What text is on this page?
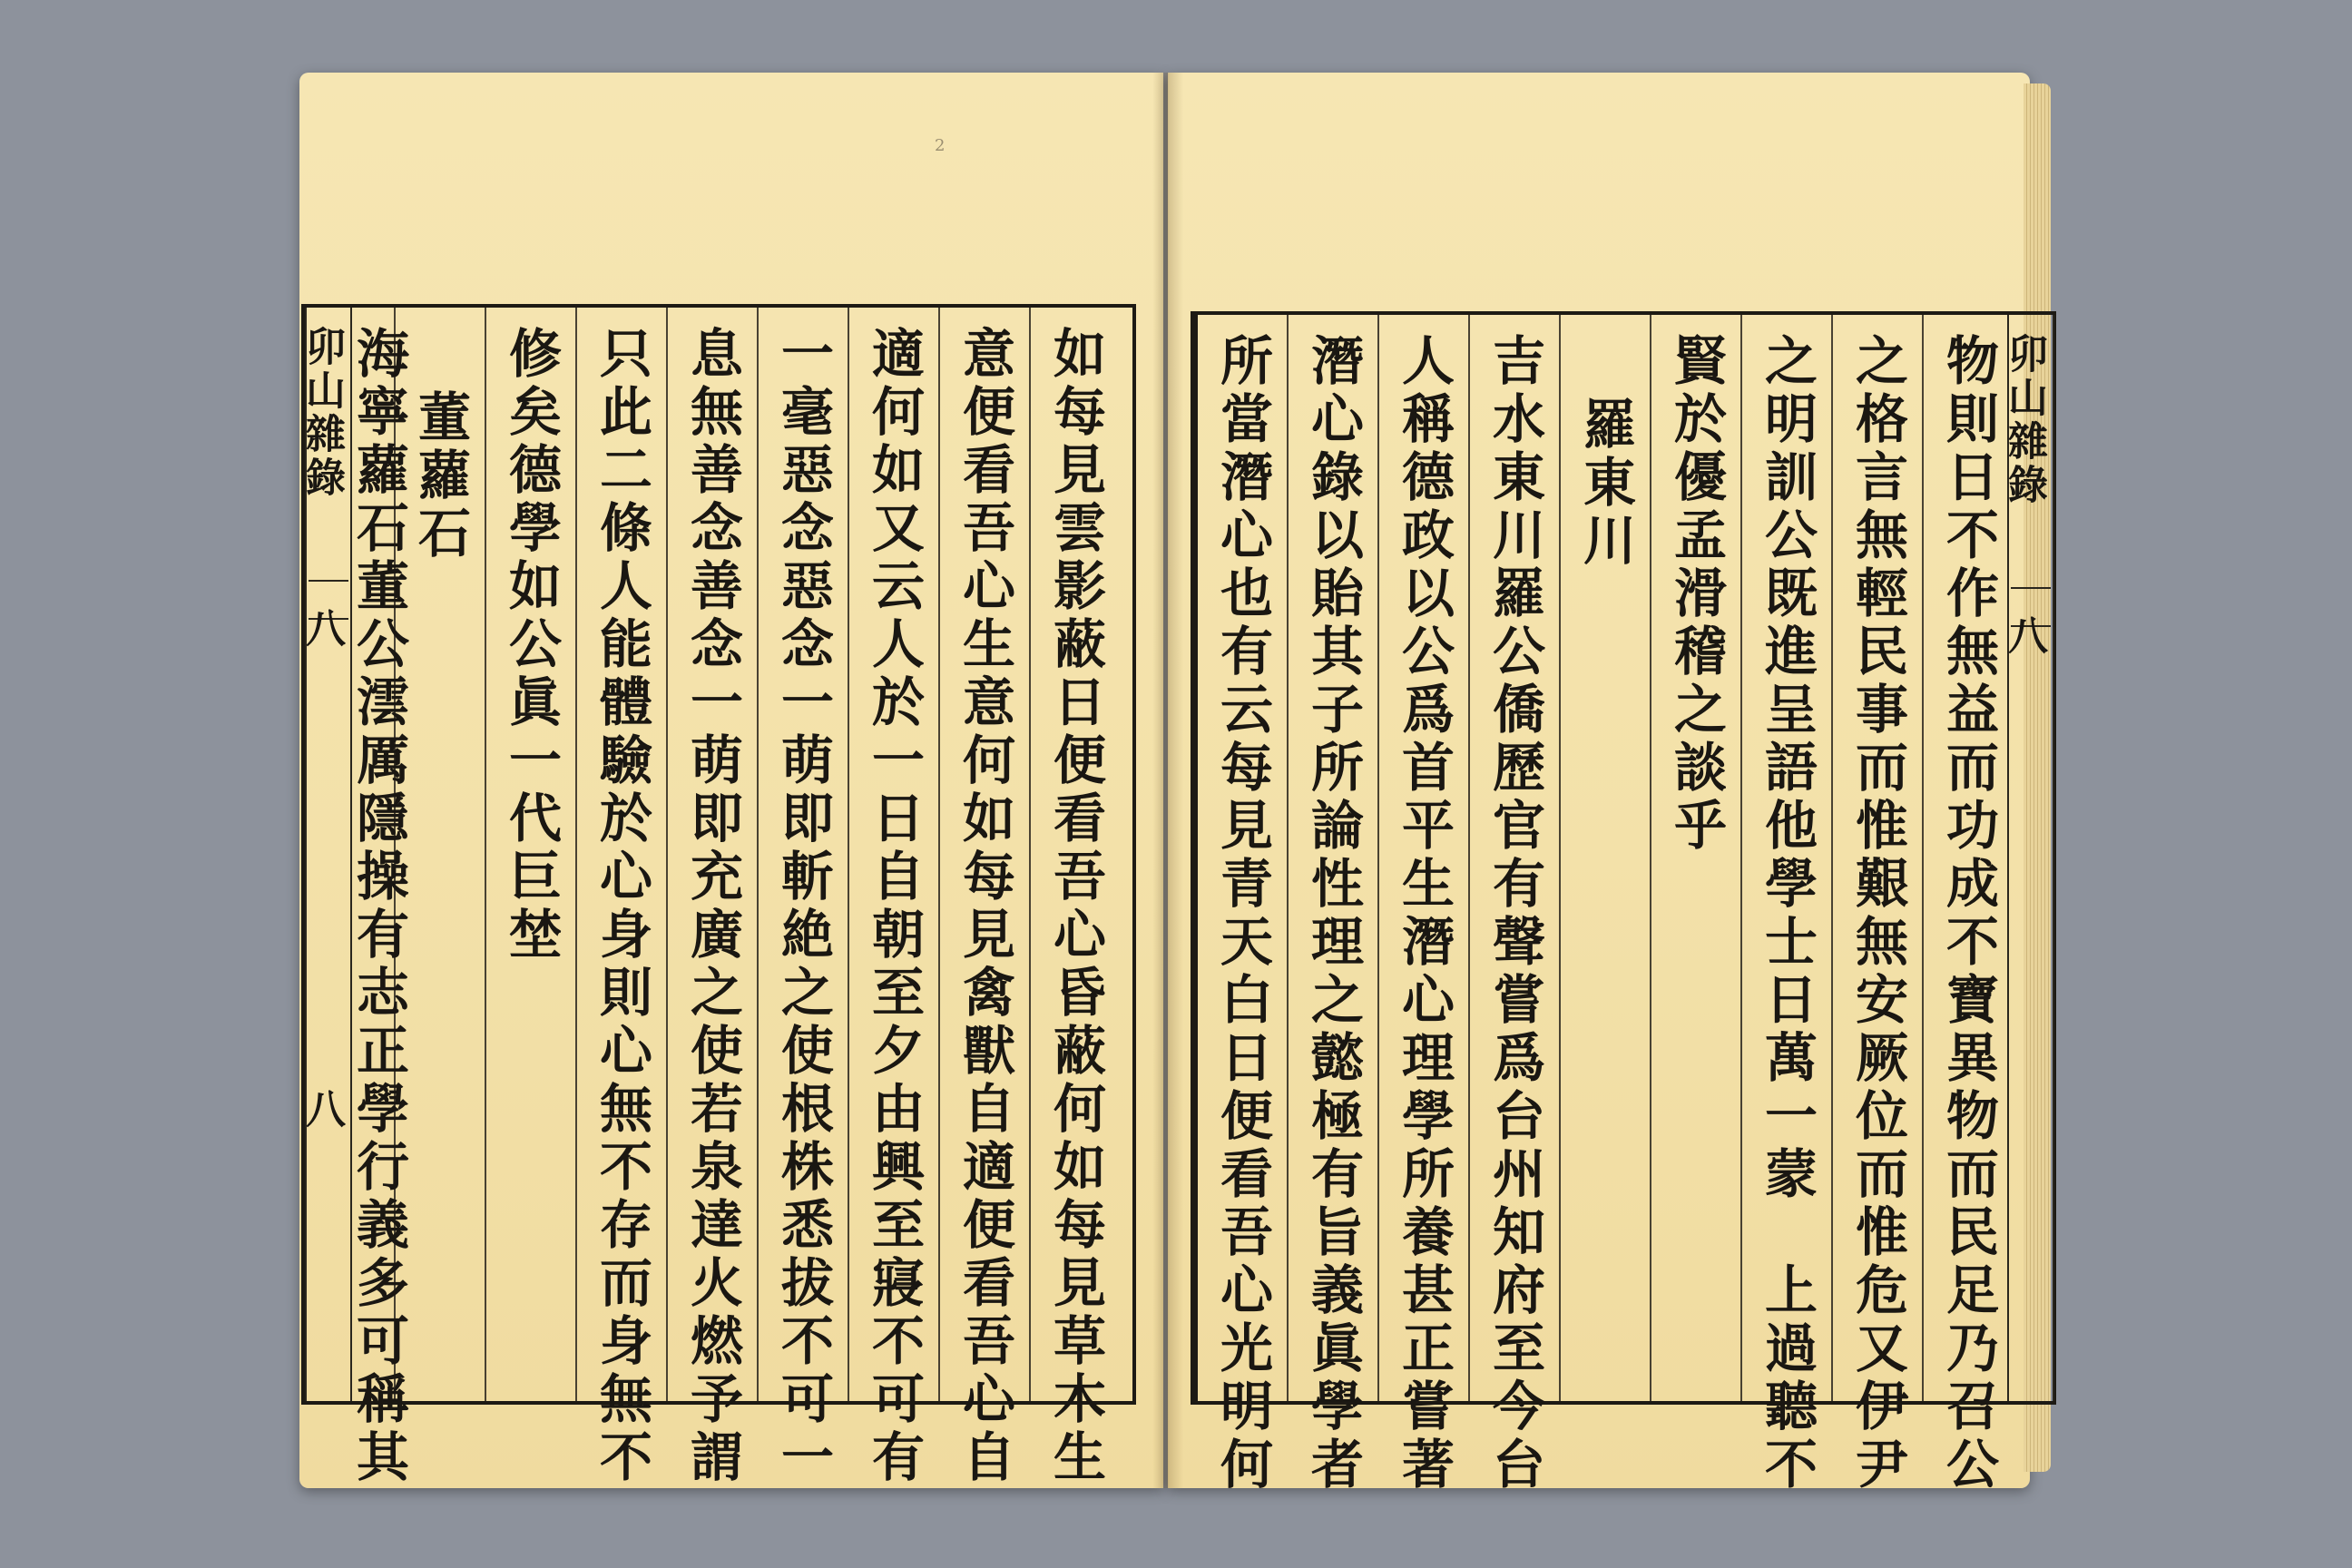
2
卯山雜錄
八
八	如每見雲影蔽日便看吾心昏蔽何如每見草木生
意便看吾心生意何如每見禽獸自適便看吾心自
適何如又云人於一日自朝至夕由興至寢不可有
一毫惡念惡念一萌即斬絶之使根株悉拔不可一
息無善念善念一萌即充廣之使若泉達火燃予謂
只此二條人能體驗於心身則心無不存而身無不
修矣德學如公眞一代巨埜
董蘿石
海寧蘿石董公澐厲隱操有志正學行義多可稱其	所當潛心也有云每見青天白日便看吾心光明何 潛心錄以貽其子所論性理之懿極有旨義眞學者 人稱德政以公爲首平生潛心理學所養甚正嘗著 吉水東川羅公僑歷官有聲嘗爲台州知府至今台 羅東川 賢於優孟滑稽之談乎 之明訓公既進呈語他學士日萬一蒙　上過聽不 之格言無輕民事而惟艱無安厥位而惟危又伊尹 物則日不作無益而功成不寶異物而民足乃召公 卯山雜錄
八
